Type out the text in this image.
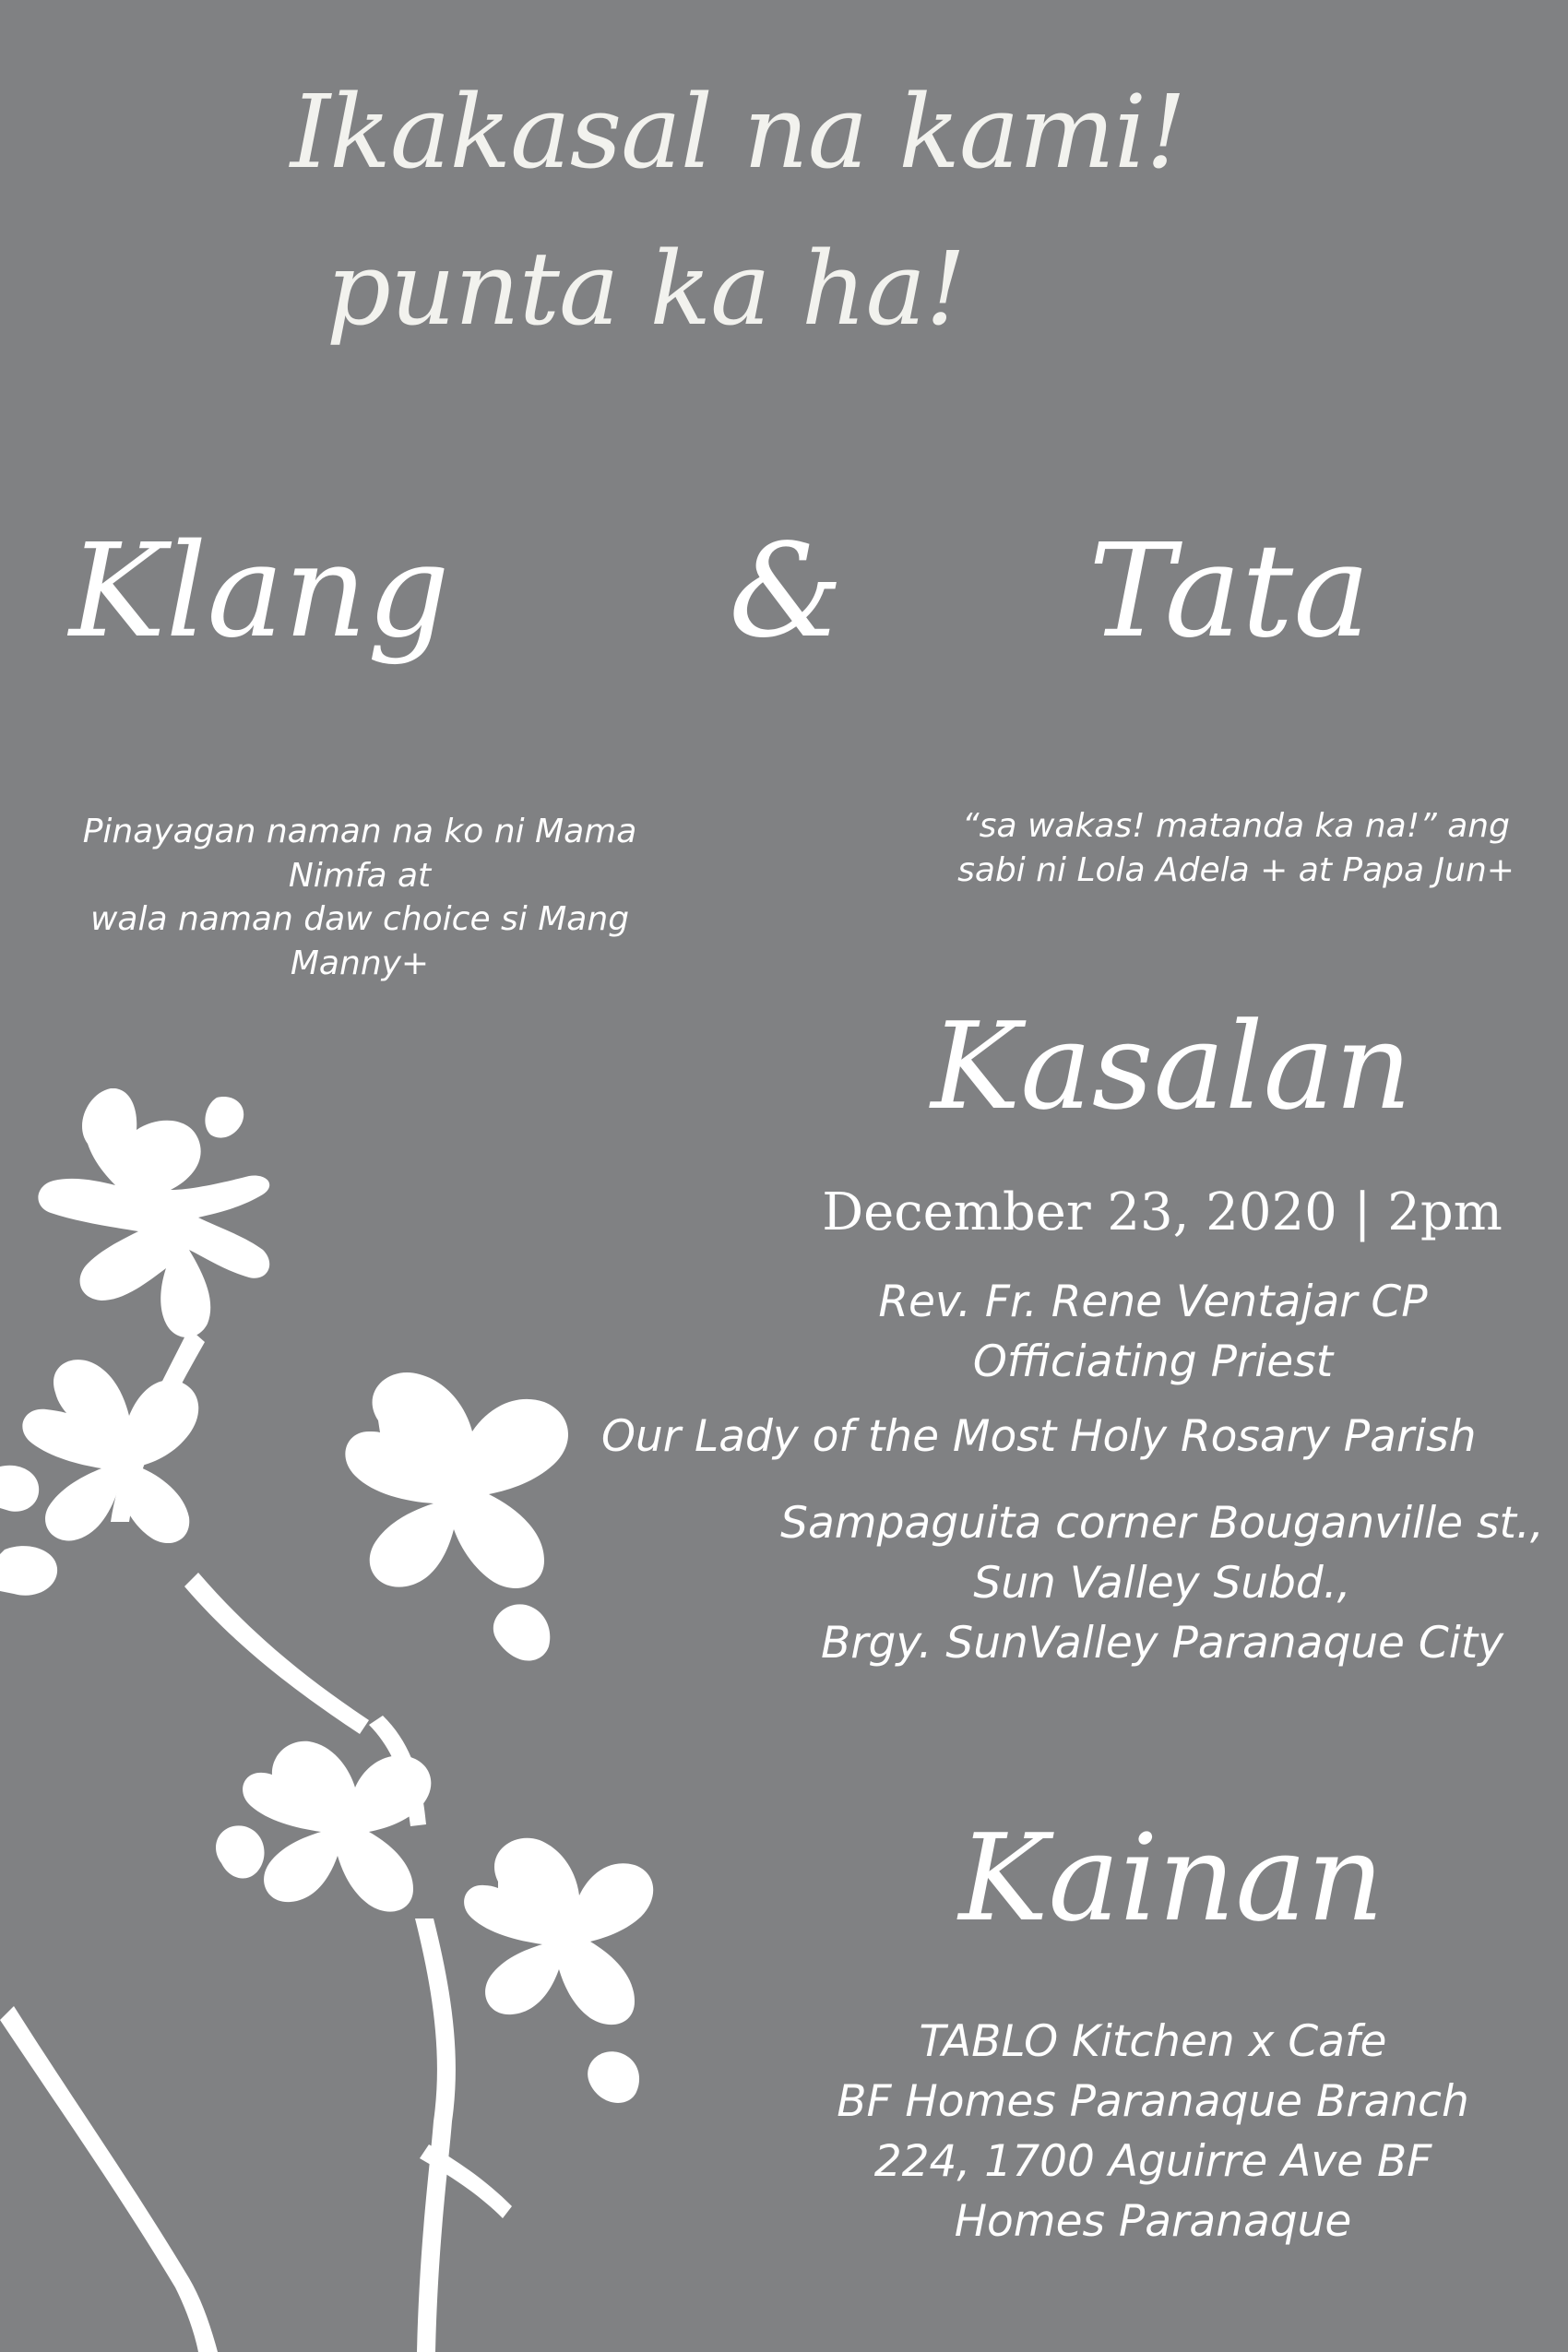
Ikakasal na kami!
punta ka ha!
Klang & Tata
Pinayagan naman na ko ni Mama
Nimfa at
wala naman daw choice si Mang
Manny+
“sa wakas! matanda ka na!” ang
sabi ni Lola Adela + at Papa Jun+
Kasalan
December 23, 2020 | 2pm
Rev. Fr. Rene Ventajar CP
Officiating Priest
Our Lady of the Most Holy Rosary Parish
Sampaguita corner Bouganville st.,
Sun Valley Subd.,
Brgy. SunValley Paranaque City
Kainan
TABLO Kitchen x Cafe
BF Homes Paranaque Branch
224, 1700 Aguirre Ave BF
Homes Paranaque
